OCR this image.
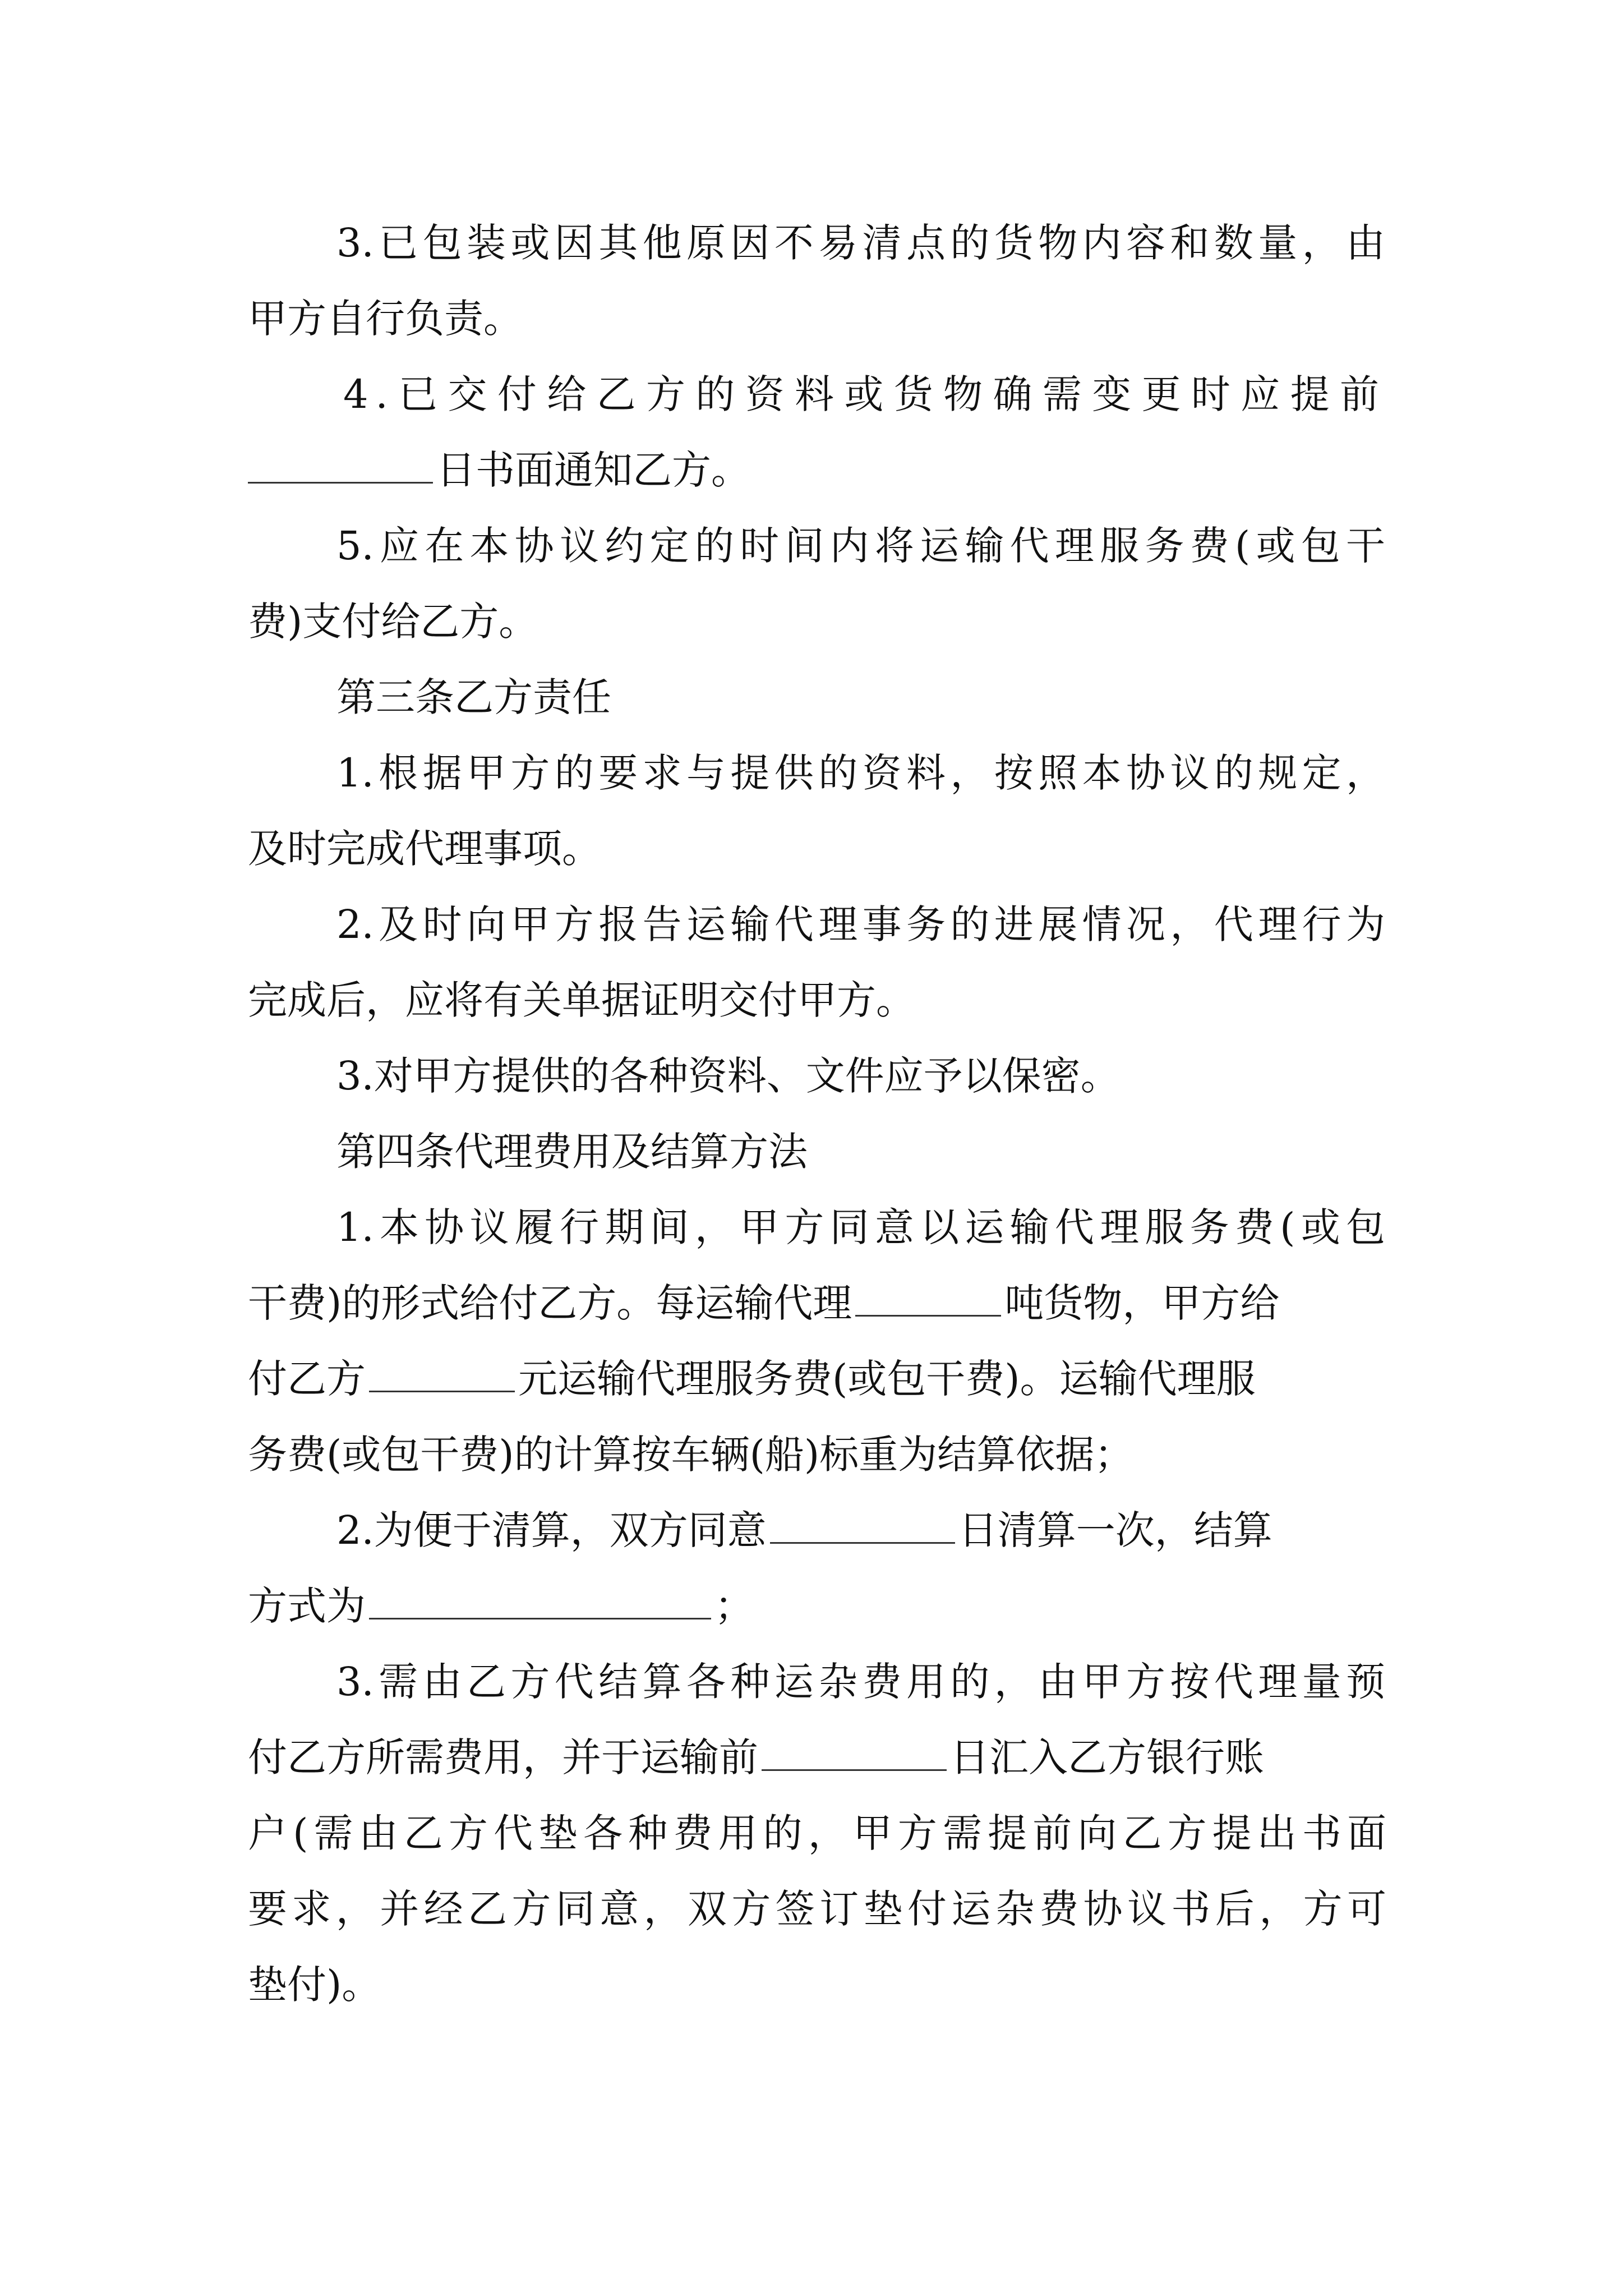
3.已包装或因其他原因不易清点的货物内容和数量，由
甲方自行负责。
4.已交付给乙方的资料或货物确需变更时应提前
日书面通知乙方。
5.应在本协议约定的时间内将运输代理服务费(或包干
费)支付给乙方。
第三条乙方责任
1.根据甲方的要求与提供的资料，按照本协议的规定，
及时完成代理事项。
2.及时向甲方报告运输代理事务的进展情况，代理行为
完成后，应将有关单据证明交付甲方。
3.对甲方提供的各种资料、文件应予以保密。
第四条代理费用及结算方法
1.本协议履行期间，甲方同意以运输代理服务费(或包
干费)的形式给付乙方。每运输代理	吨货物，甲方给
付乙方	元运输代理服务费(或包干费)。运输代理服
务费(或包干费)的计算按车辆(船)标重为结算依据；
2.为便于清算，双方同意	日清算一次，结算
方式为	；
3.需由乙方代结算各种运杂费用的，由甲方按代理量预
付乙方所需费用，并于运输前	日汇入乙方银行账
户(需由乙方代垫各种费用的，甲方需提前向乙方提出书面
要求，并经乙方同意，双方签订垫付运杂费协议书后，方可
垫付)。
